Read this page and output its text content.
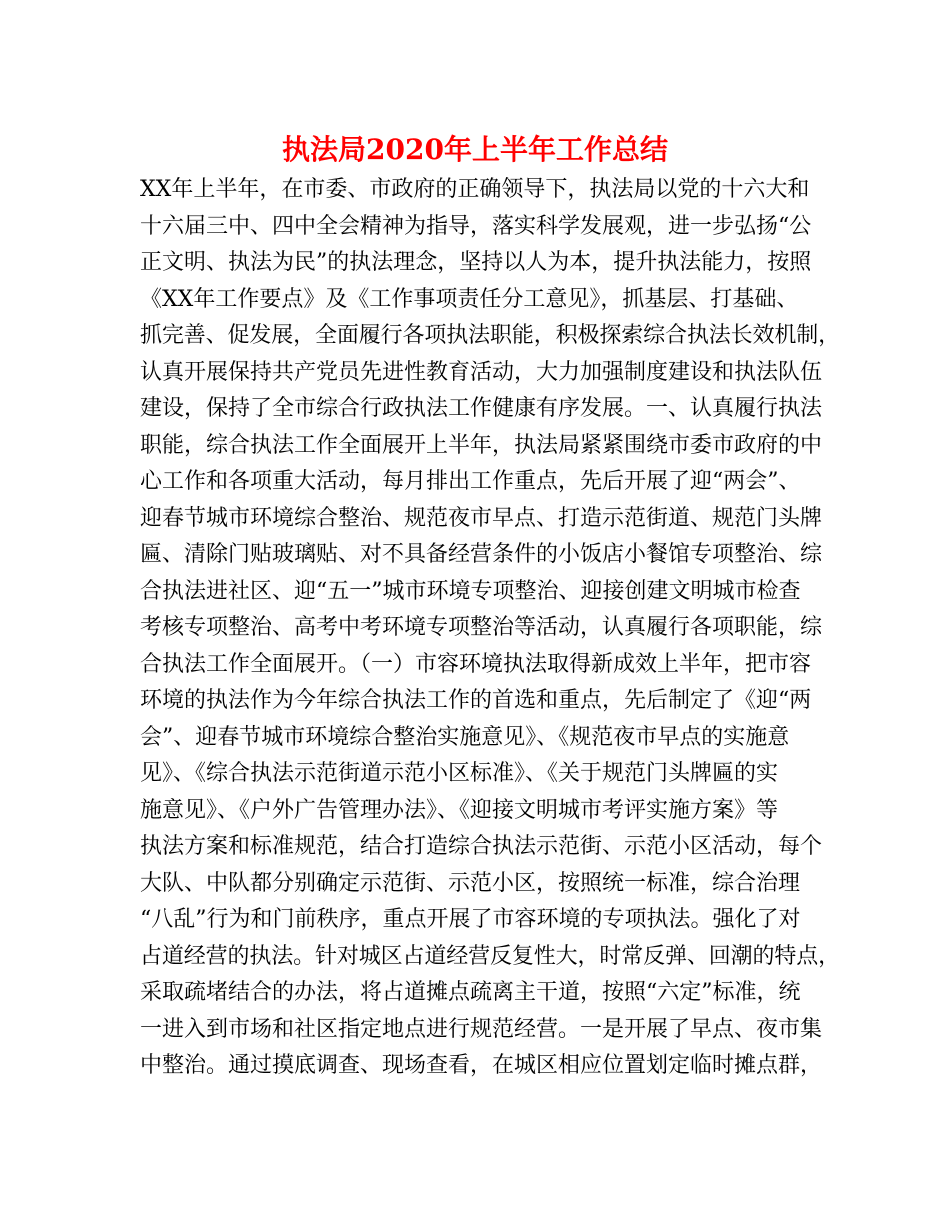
执法局2020年上半年工作总结
XX年上半年，在市委、市政府的正确领导下，执法局以党的十六大和
十六届三中、四中全会精神为指导，落实科学发展观，进一步弘扬“公
正文明、执法为民”的执法理念，坚持以人为本，提升执法能力，按照
《XX年工作要点》及《工作事项责任分工意见》，抓基层、打基础、
抓完善、促发展，全面履行各项执法职能，积极探索综合执法长效机制，
认真开展保持共产党员先进性教育活动，大力加强制度建设和执法队伍
建设，保持了全市综合行政执法工作健康有序发展。一、认真履行执法
职能，综合执法工作全面展开上半年，执法局紧紧围绕市委市政府的中
心工作和各项重大活动，每月排出工作重点，先后开展了迎“两会”、
迎春节城市环境综合整治、规范夜市早点、打造示范街道、规范门头牌
匾、清除门贴玻璃贴、对不具备经营条件的小饭店小餐馆专项整治、综
合执法进社区、迎“五一”城市环境专项整治、迎接创建文明城市检查
考核专项整治、高考中考环境专项整治等活动，认真履行各项职能，综
合执法工作全面展开。（一）市容环境执法取得新成效上半年，把市容
环境的执法作为今年综合执法工作的首选和重点，先后制定了《迎“两
会”、迎春节城市环境综合整治实施意见》、《规范夜市早点的实施意
见》、《综合执法示范街道示范小区标准》、《关于规范门头牌匾的实
施意见》、《户外广告管理办法》、《迎接文明城市考评实施方案》等
执法方案和标准规范，结合打造综合执法示范街、示范小区活动，每个
大队、中队都分别确定示范街、示范小区，按照统一标准，综合治理
“八乱”行为和门前秩序，重点开展了市容环境的专项执法。强化了对
占道经营的执法。针对城区占道经营反复性大，时常反弹、回潮的特点，
采取疏堵结合的办法，将占道摊点疏离主干道，按照“六定”标准，统
一进入到市场和社区指定地点进行规范经营。一是开展了早点、夜市集
中整治。通过摸底调查、现场查看，在城区相应位置划定临时摊点群，
